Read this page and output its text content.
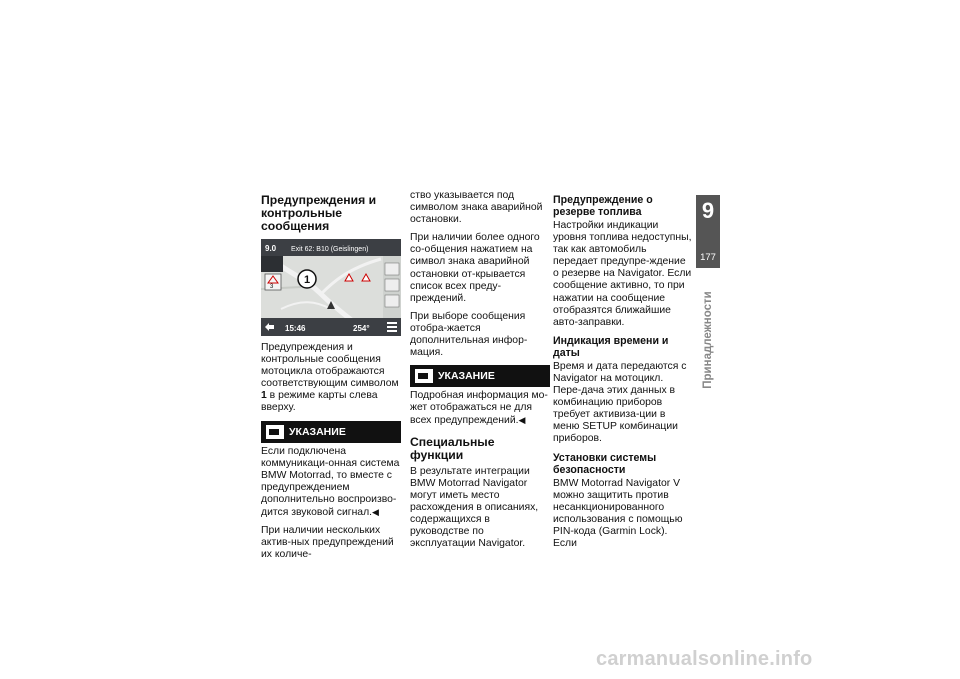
Предупреждения и контрольные сообщения
9.0 Exit 62: B10 (Geislingen)
1
3
15:46	254°

Предупреждения и контрольные сообщения мотоцикла отображаются соответствующим символом 1 в режиме карты слева вверху.

УКАЗАНИЕ

Если подключена коммуникаци-онная система BMW Motorrad, то вместе с предупреждением дополнительно воспроизво-дится звуковой сигнал.◀

При наличии нескольких актив-ных предупреждений их количе-

ство указывается под символом знака аварийной остановки.

При наличии более одного со-общения нажатием на символ знака аварийной остановки от-крывается список всех преду-преждений.

При выборе сообщения отобра-жается дополнительная инфор-мация.

УКАЗАНИЕ

Подробная информация мо-жет отображаться не для всех предупреждений.◀

Специальные функции

В результате интеграции BMW Motorrad Navigator могут иметь место расхождения в описаниях, содержащихся в руководстве по эксплуатации Navigator.

Предупреждение о резерве топлива

Настройки индикации уровня топлива недоступны, так как автомобиль передает предупре-ждение о резерве на Navigator. Если сообщение активно, то при нажатии на сообщение отобразятся ближайшие авто-заправки.

Индикация времени и даты

Время и дата передаются с Navigator на мотоцикл. Пере-дача этих данных в комбинацию приборов требует активиза-ции в меню SETUP комбинации приборов.

Установки системы безопасности

BMW Motorrad Navigator V можно защитить против несанкционированного использования с помощью PIN-кода (Garmin Lock). Если

9
177
Принадлежности
carmanualsonline.info
